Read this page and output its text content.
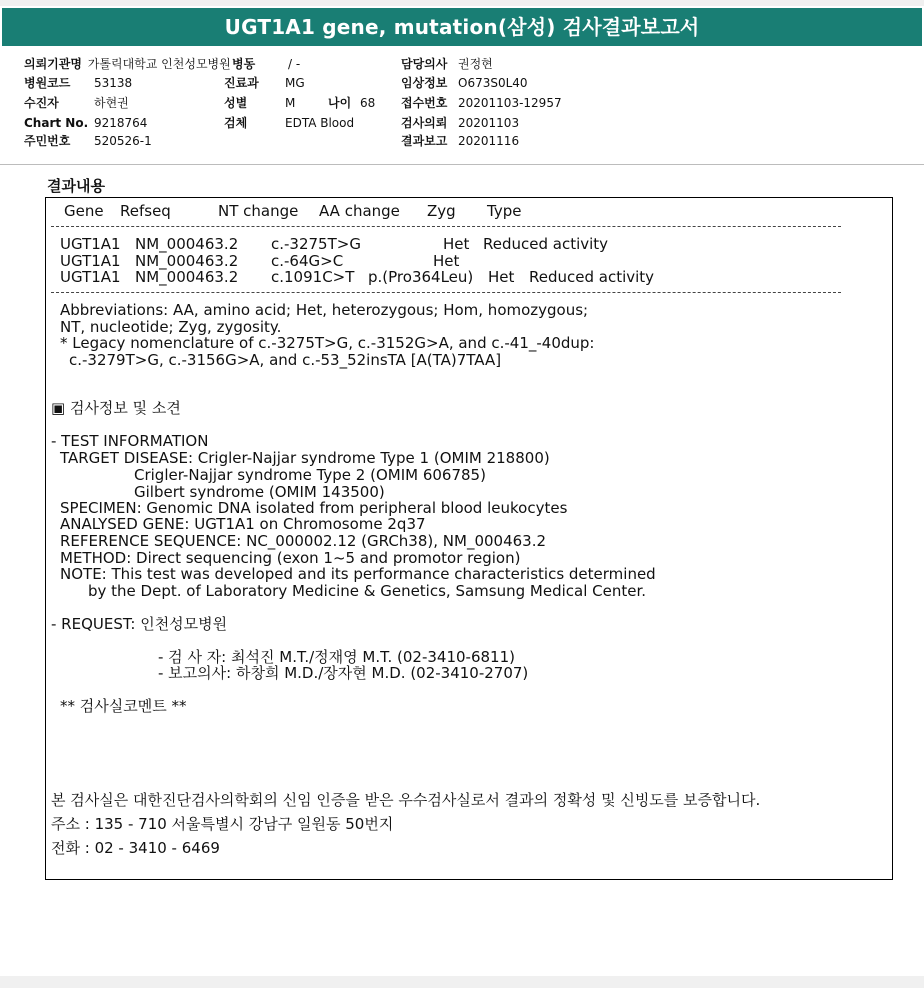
UGT1A1 gene, mutation(삼성) 검사결과보고서
의뢰기관명 가톨릭대학교 인천성모병원
병원코드 53138
수진자	하현권
Chart No. 9218764
주민번호 520526-1
병동	/ -
진료과 MG
성별	M	나이 68
검체	EDTA Blood
담당의사 권정현
임상정보 O673S0L40
접수번호 20201103-12957
검사의뢰 20201103
결과보고 20201116
결과내용
Gene Refseq	NT change AA change Zyg Type
UGT1A1 NM_000463.2 c.-3275T>G	Het Reduced activity
UGT1A1 NM_000463.2 c.-64G>C	Het
UGT1A1 NM_000463.2 c.1091C>T p.(Pro364Leu) Het Reduced activity
Abbreviations: AA, amino acid; Het, heterozygous; Hom, homozygous;
NT, nucleotide; Zyg, zygosity.
* Legacy nomenclature of c.-3275T>G, c.-3152G>A, and c.-41_-40dup:
c.-3279T>G, c.-3156G>A, and c.-53_52insTA [A(TA)7TAA]
▣ 검사정보 및 소견
- TEST INFORMATION
TARGET DISEASE: Crigler-Najjar syndrome Type 1 (OMIM 218800)
Crigler-Najjar syndrome Type 2 (OMIM 606785)
Gilbert syndrome (OMIM 143500)
SPECIMEN: Genomic DNA isolated from peripheral blood leukocytes
ANALYSED GENE: UGT1A1 on Chromosome 2q37
REFERENCE SEQUENCE: NC_000002.12 (GRCh38), NM_000463.2
METHOD: Direct sequencing (exon 1~5 and promotor region)
NOTE: This test was developed and its performance characteristics determined
by the Dept. of Laboratory Medicine & Genetics, Samsung Medical Center.
- REQUEST: 인천성모병원
- 검 사 자: 최석진 M.T./정재영 M.T. (02-3410-6811)
- 보고의사: 하창희 M.D./장자현 M.D. (02-3410-2707)
** 검사실코멘트 **
본 검사실은 대한진단검사의학회의 신임 인증을 받은 우수검사실로서 결과의 정확성 및 신빙도를 보증합니다.
주소 : 135 - 710 서울특별시 강남구 일원동 50번지
전화 : 02 - 3410 - 6469
